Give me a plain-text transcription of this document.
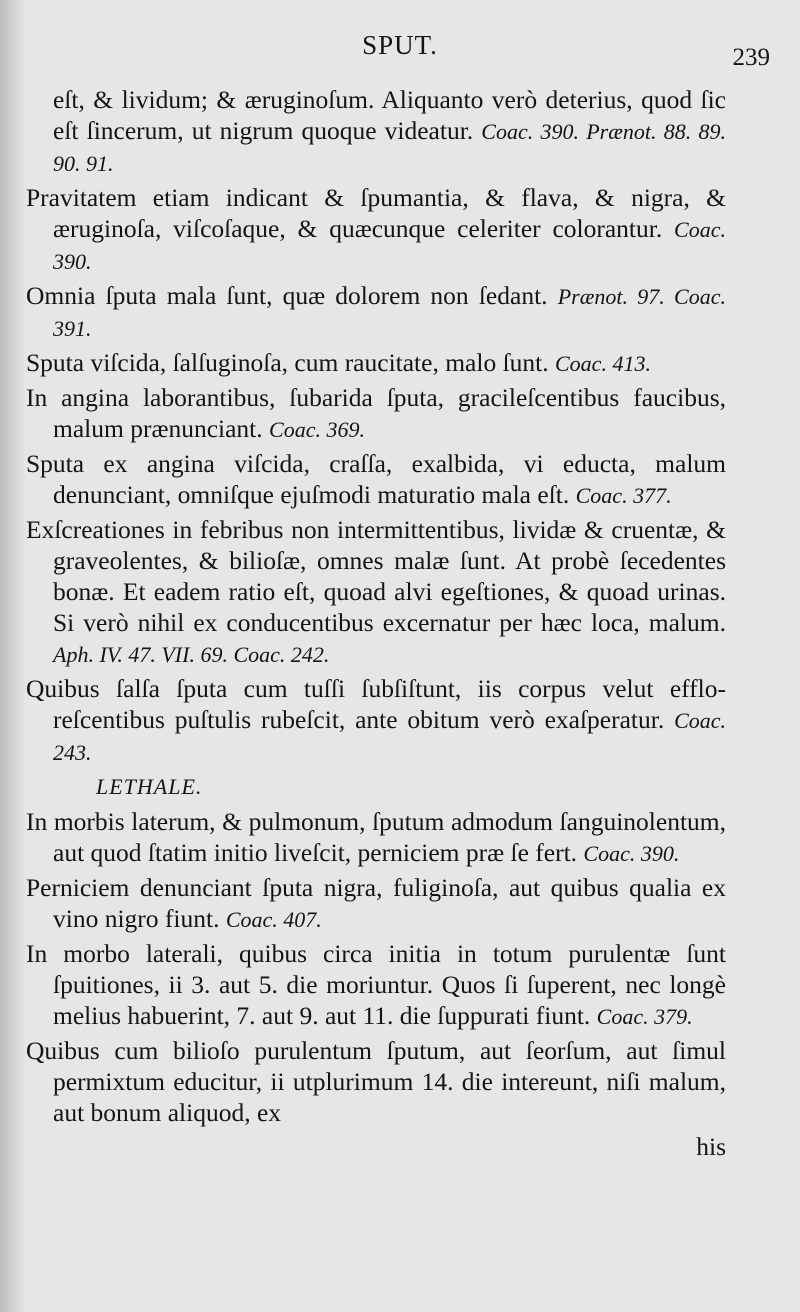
SPUT.	239

eſt, & lividum; & æruginoſum. Aliquanto verò deterius, quod ſic eſt ſincerum, ut nigrum quoque videatur. Coac. 390. Prænot. 88. 89. 90. 91.

Pravitatem etiam indicant & ſpumantia, & flava, & nigra, & æruginoſa, viſcoſaque, & quæcunque celeriter colorantur. Coac. 390.

Omnia ſputa mala ſunt, quæ dolorem non ſedant. Prænot. 97. Coac. 391.

Sputa viſcida, ſalſuginoſa, cum raucitate, malo ſunt. Coac. 413.

In angina laborantibus, ſubarida ſputa, gracileſcentibus faucibus, malum prænunciant. Coac. 369.

Sputa ex angina viſcida, craſſa, exalbida, vi educta, malum denunciant, omniſque ejuſmodi maturatio mala eſt. Coac. 377.

Exſcreationes in febribus non intermittentibus, lividæ & cruentæ, & graveolentes, & bilioſæ, omnes malæ ſunt. At probè ſecedentes bonæ. Et eadem ratio eſt, quoad alvi egeſtiones, & quoad urinas. Si verò nihil ex conducentibus excernatur per hæc loca, malum. Aph. IV. 47. VII. 69. Coac. 242.

Quibus ſalſa ſputa cum tuſſi ſubſiſtunt, iis corpus velut effloreſcentibus puſtulis rubeſcit, ante obitum verò exaſperatur. Coac. 243.

LETHALE.

In morbis laterum, & pulmonum, ſputum admodum ſanguinolentum, aut quod ſtatim initio liveſcit, perniciem præ ſe fert. Coac. 390.

Perniciem denunciant ſputa nigra, fuliginoſa, aut quibus qualia ex vino nigro fiunt. Coac. 407.

In morbo laterali, quibus circa initia in totum purulentæ ſunt ſpuitiones, ii 3. aut 5. die moriuntur. Quos ſi ſuperent, nec longè melius habuerint, 7. aut 9. aut 11. die ſuppurati fiunt. Coac. 379.

Quibus cum bilioſo purulentum ſputum, aut ſeorſum, aut ſimul permixtum educitur, ii utplurimum 14. die intereunt, niſi malum, aut bonum aliquod, ex

his
